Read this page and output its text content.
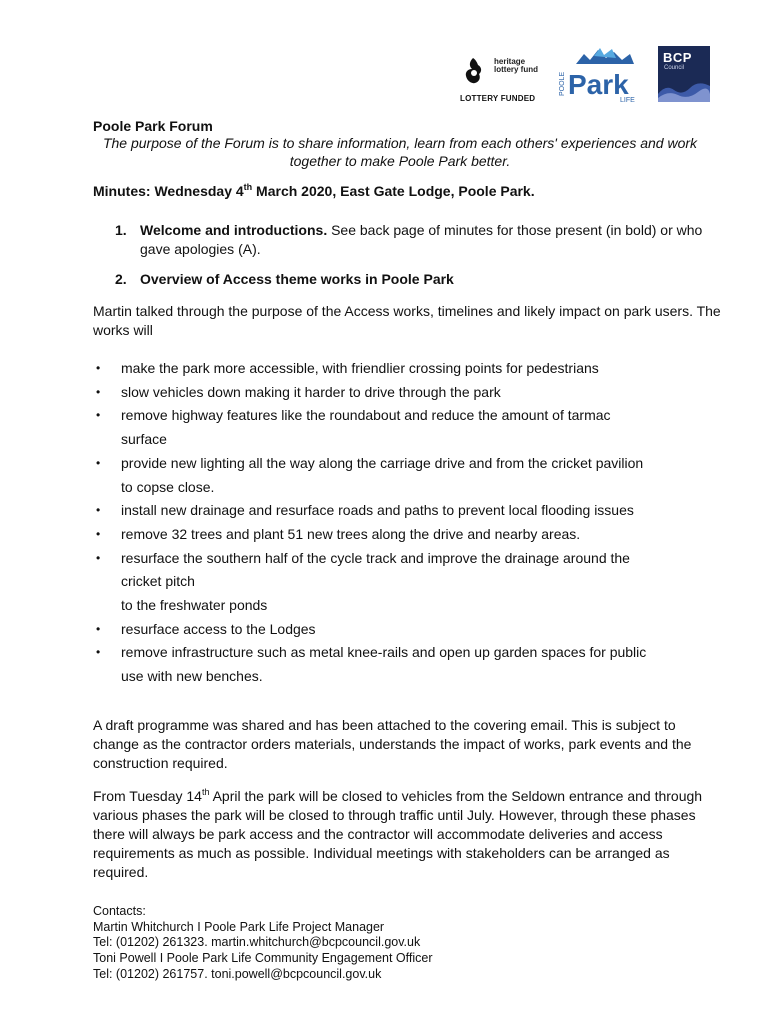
heritage
lottery fund
LOTTERY FUNDED
POOLE Park
LIFE
BCP
Council
Poole Park Forum
The purpose of the Forum is to share information, learn from each others' experiences and work together to make Poole Park better.
Minutes: Wednesday 4th March 2020, East Gate Lodge, Poole Park.
1. Welcome and introductions. See back page of minutes for those present (in bold) or who gave apologies (A).
2. Overview of Access theme works in Poole Park
Martin talked through the purpose of the Access works, timelines and likely impact on park users. The works will
• make the park more accessible, with friendlier crossing points for pedestrians
• slow vehicles down making it harder to drive through the park
• remove highway features like the roundabout and reduce the amount of tarmac
surface
• provide new lighting all the way along the carriage drive and from the cricket pavilion
to copse close.
• install new drainage and resurface roads and paths to prevent local flooding issues
• remove 32 trees and plant 51 new trees along the drive and nearby areas.
• resurface the southern half of the cycle track and improve the drainage around the
cricket pitch
to the freshwater ponds
• resurface access to the Lodges
• remove infrastructure such as metal knee-rails and open up garden spaces for public
use with new benches.
A draft programme was shared and has been attached to the covering email. This is subject to change as the contractor orders materials, understands the impact of works, park events and the construction required.
From Tuesday 14th April the park will be closed to vehicles from the Seldown entrance and through various phases the park will be closed to through traffic until July. However, through these phases there will always be park access and the contractor will accommodate deliveries and access requirements as much as possible. Individual meetings with stakeholders can be arranged as required.
Contacts:
Martin Whitchurch I Poole Park Life Project Manager
Tel: (01202) 261323. martin.whitchurch@bcpcouncil.gov.uk
Toni Powell I Poole Park Life Community Engagement Officer
Tel: (01202) 261757. toni.powell@bcpcouncil.gov.uk
